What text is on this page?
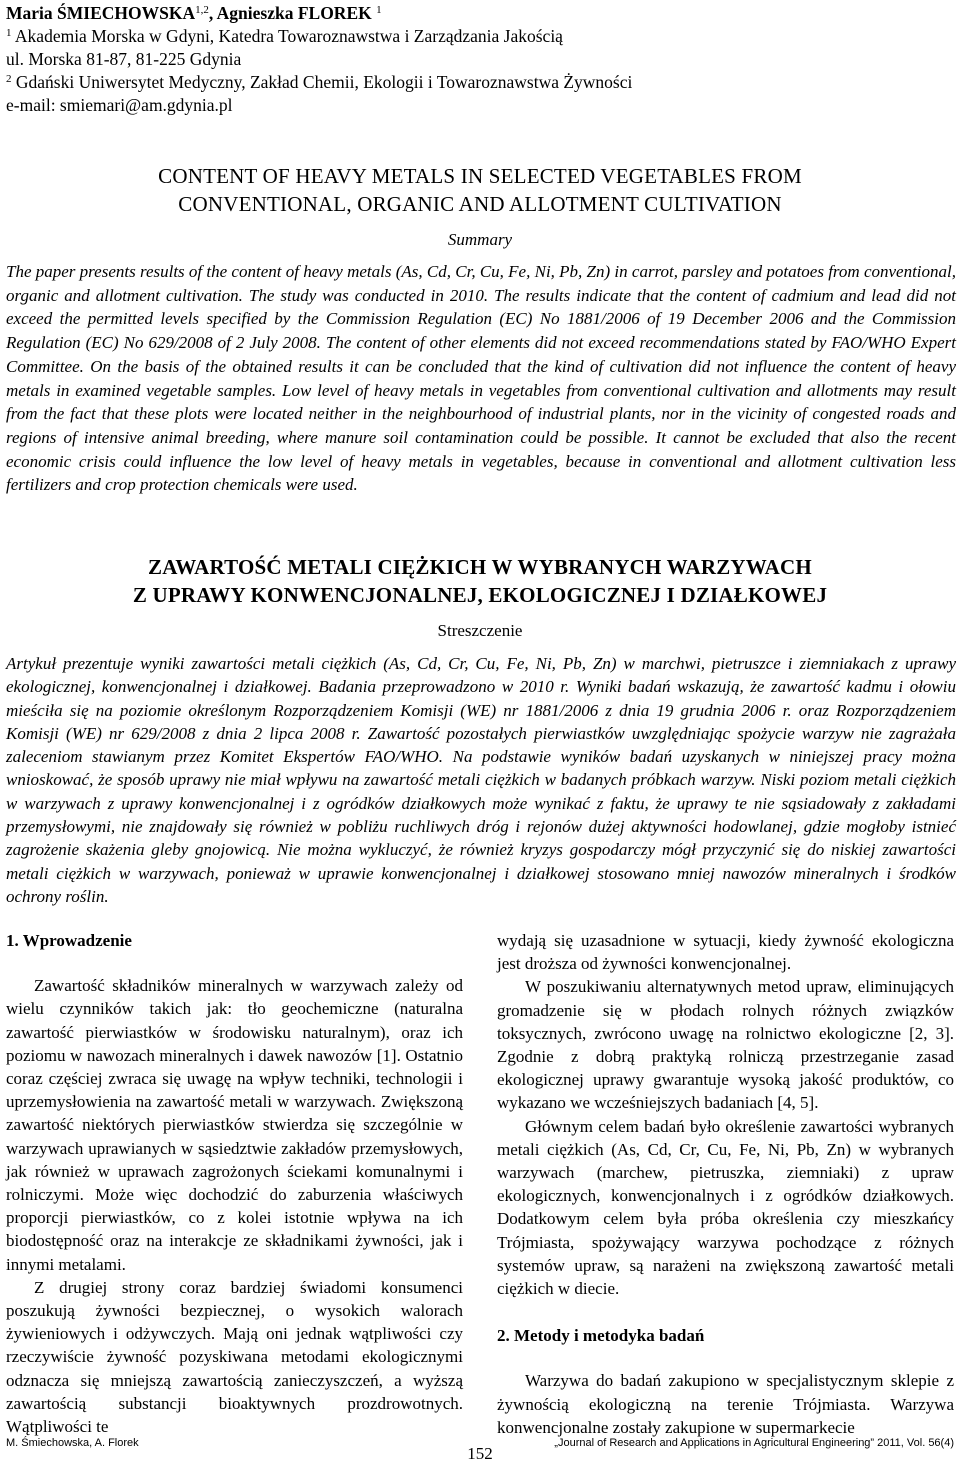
Maria ŚMIECHOWSKA$^{1,2}$, Agnieszka FLOREK $^1$
$^1$ Akademia Morska w Gdyni, Katedra Towaroznawstwa i Zarządzania Jakością
ul. Morska 81-87, 81-225 Gdynia
$^2$ Gdański Uniwersytet Medyczny, Zakład Chemii, Ekologii i Towaroznawstwa Żywności
e-mail: smiemari@am.gdynia.pl
CONTENT OF HEAVY METALS IN SELECTED VEGETABLES FROM
CONVENTIONAL, ORGANIC AND ALLOTMENT CULTIVATION
Summary
The paper presents results of the content of heavy metals (As, Cd, Cr, Cu, Fe, Ni, Pb, Zn) in carrot, parsley and potatoes from conventional, organic and allotment cultivation. The study was conducted in 2010. The results indicate that the content of cadmium and lead did not exceed the permitted levels specified by the Commission Regulation (EC) No 1881/2006 of 19 December 2006 and the Commission Regulation (EC) No 629/2008 of 2 July 2008. The content of other elements did not exceed recommendations stated by FAO/WHO Expert Committee. On the basis of the obtained results it can be concluded that the kind of cultivation did not influence the content of heavy metals in examined vegetable samples. Low level of heavy metals in vegetables from conventional cultivation and allotments may result from the fact that these plots were located neither in the neighbourhood of industrial plants, nor in the vicinity of congested roads and regions of intensive animal breeding, where manure soil contamination could be possible. It cannot be excluded that also the recent economic crisis could influence the low level of heavy metals in vegetables, because in conventional and allotment cultivation less fertilizers and crop protection chemicals were used.
ZAWARTOŚĆ METALI CIĘŻKICH W WYBRANYCH WARZYWACH
Z UPRAWY KONWENCJONALNEJ, EKOLOGICZNEJ I DZIAŁKOWEJ
Streszczenie
Artykuł prezentuje wyniki zawartości metali ciężkich (As, Cd, Cr, Cu, Fe, Ni, Pb, Zn) w marchwi, pietruszce i ziemniakach z uprawy ekologicznej, konwencjonalnej i działkowej. Badania przeprowadzono w 2010 r. Wyniki badań wskazują, że zawartość kadmu i ołowiu mieściła się na poziomie określonym Rozporządzeniem Komisji (WE) nr 1881/2006 z dnia 19 grudnia 2006 r. oraz Rozporządzeniem Komisji (WE) nr 629/2008 z dnia 2 lipca 2008 r. Zawartość pozostałych pierwiastków uwzględniając spożycie warzyw nie zagrażała zaleceniom stawianym przez Komitet Ekspertów FAO/WHO. Na podstawie wyników badań uzyskanych w niniejszej pracy można wnioskować, że sposób uprawy nie miał wpływu na zawartość metali ciężkich w badanych próbkach warzyw. Niski poziom metali ciężkich w warzywach z uprawy konwencjonalnej i z ogródków działkowych może wynikać z faktu, że uprawy te nie sąsiadowały z zakładami przemysłowymi, nie znajdowały się również w pobliżu ruchliwych dróg i rejonów dużej aktywności hodowlanej, gdzie mogłoby istnieć zagrożenie skażenia gleby gnojowicą. Nie można wykluczyć, że również kryzys gospodarczy mógł przyczynić się do niskiej zawartości metali ciężkich w warzywach, ponieważ w uprawie konwencjonalnej i działkowej stosowano mniej nawozów mineralnych i środków ochrony roślin.
1. Wprowadzenie

Zawartość składników mineralnych w warzywach zależy od wielu czynników takich jak: tło geochemiczne (naturalna zawartość pierwiastków w środowisku naturalnym), oraz ich poziomu w nawozach mineralnych i dawek nawozów [1]. Ostatnio coraz częściej zwraca się uwagę na wpływ techniki, technologii i uprzemysłowienia na zawartość metali w warzywach. Zwiększoną zawartość niektórych pierwiastków stwierdza się szczególnie w warzywach uprawianych w sąsiedztwie zakładów przemysłowych, jak również w uprawach zagrożonych ściekami komunalnymi i rolniczymi. Może więc dochodzić do zaburzenia właściwych proporcji pierwiastków, co z kolei istotnie wpływa na ich biodostępność oraz na interakcje ze składnikami żywności, jak i innymi metalami.

Z drugiej strony coraz bardziej świadomi konsumenci poszukują żywności bezpiecznej, o wysokich walorach żywieniowych i odżywczych. Mają oni jednak wątpliwości czy rzeczywiście żywność pozyskiwana metodami ekologicznymi odznacza się mniejszą zawartością zanieczyszczeń, a wyższą zawartością substancji bioaktywnych prozdrowotnych. Wątpliwości te

wydają się uzasadnione w sytuacji, kiedy żywność ekologiczna jest droższa od żywności konwencjonalnej.

W poszukiwaniu alternatywnych metod upraw, eliminujących gromadzenie się w płodach rolnych różnych związków toksycznych, zwrócono uwagę na rolnictwo ekologiczne [2, 3]. Zgodnie z dobrą praktyką rolniczą przestrzeganie zasad ekologicznej uprawy gwarantuje wysoką jakość produktów, co wykazano we wcześniejszych badaniach [4, 5].

Głównym celem badań było określenie zawartości wybranych metali ciężkich (As, Cd, Cr, Cu, Fe, Ni, Pb, Zn) w wybranych warzywach (marchew, pietruszka, ziemniaki) z upraw ekologicznych, konwencjonalnych i z ogródków działkowych. Dodatkowym celem była próba określenia czy mieszkańcy Trójmiasta, spożywający warzywa pochodzące z różnych systemów upraw, są narażeni na zwiększoną zawartość metali ciężkich w diecie.

2. Metody i metodyka badań

Warzywa do badań zakupiono w specjalistycznym sklepie z żywnością ekologiczną na terenie Trójmiasta. Warzywa konwencjonalne zostały zakupione w supermarkecie

M. Śmiechowska, A. Florek	„Journal of Research and Applications in Agricultural Engineering” 2011, Vol. 56(4)
152
